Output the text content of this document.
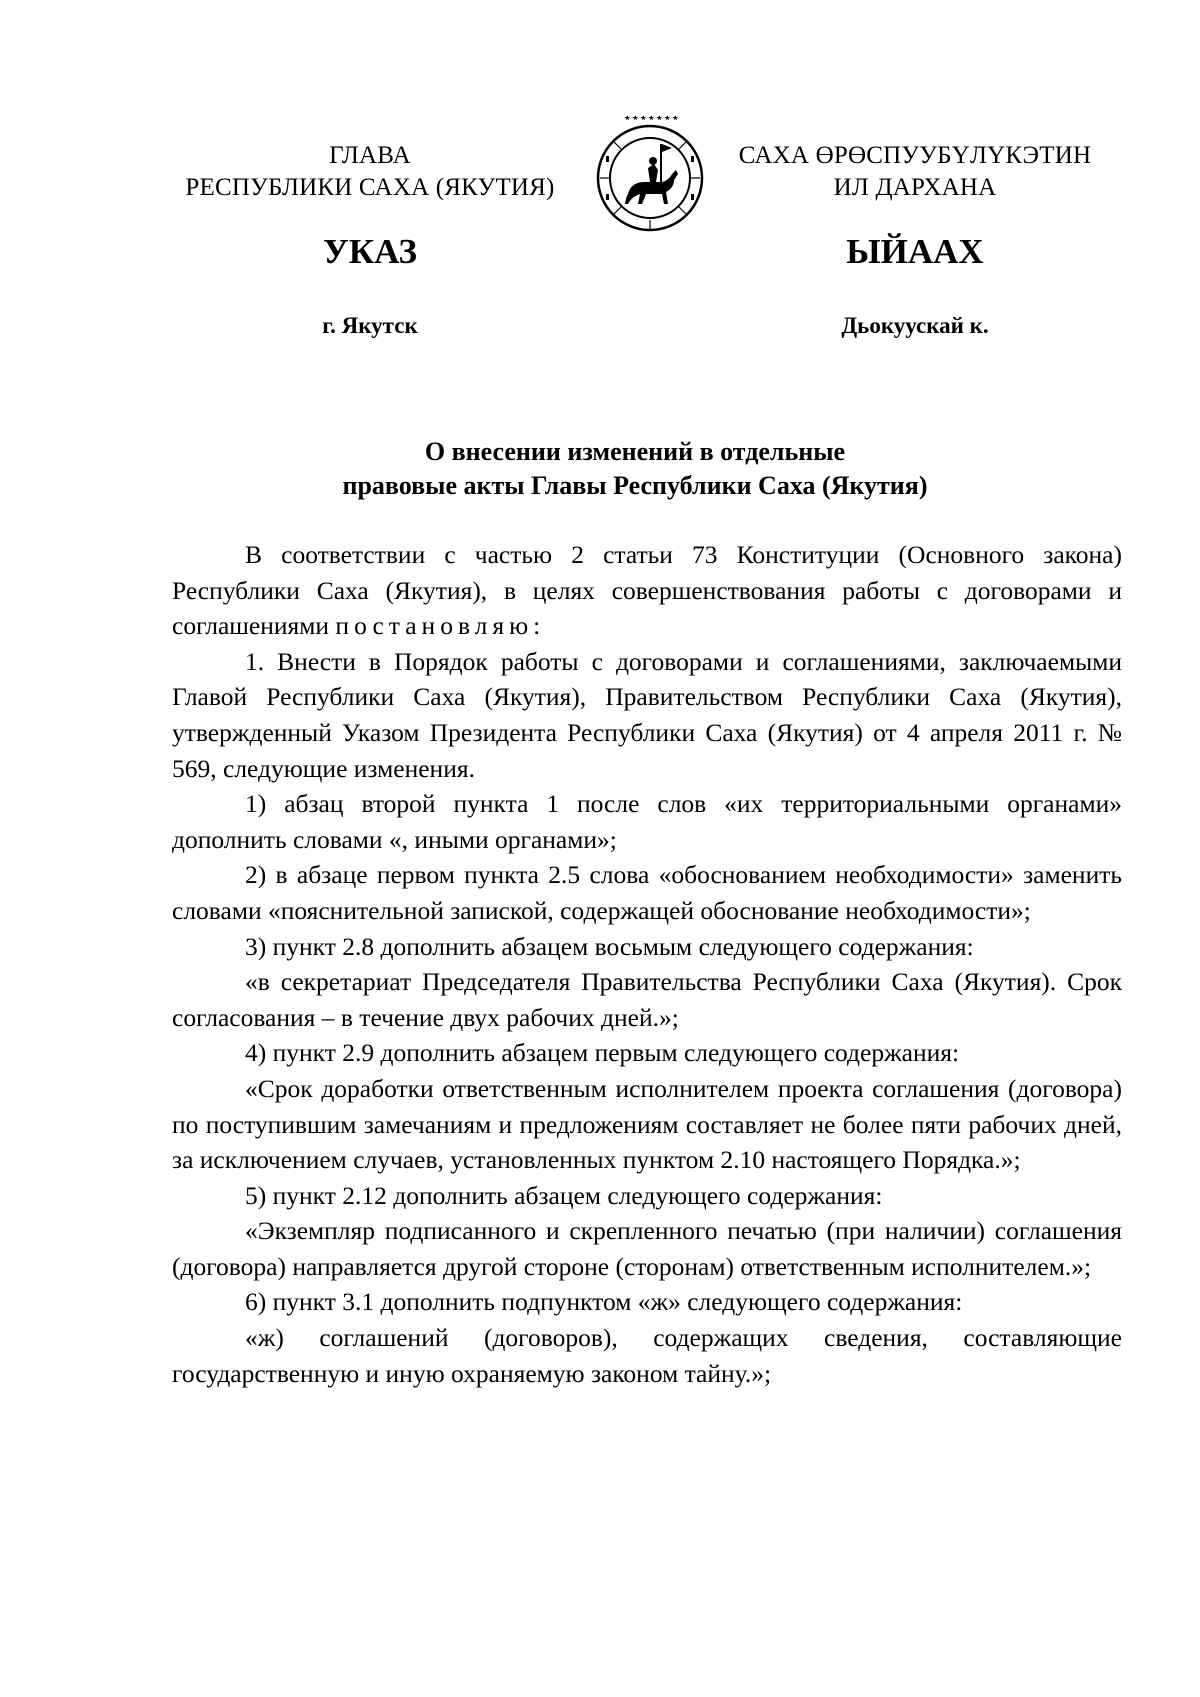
ГЛАВА
РЕСПУБЛИКИ САХА (ЯКУТИЯ)
САХА ӨРӨСПУУБҮЛҮКЭТИН
ИЛ ДАРХАНА
УКАЗ	ЫЙААХ
г. Якутск	Дьокуускай к.
О внесении изменений в отдельные
правовые акты Главы Республики Саха (Якутия)

В соответствии с частью 2 статьи 73 Конституции (Основного закона) Республики Саха (Якутия), в целях совершенствования работы с договорами и соглашениями постановляю:

1. Внести в Порядок работы с договорами и соглашениями, заключаемыми Главой Республики Саха (Якутия), Правительством Республики Саха (Якутия), утвержденный Указом Президента Республики Саха (Якутия) от 4 апреля 2011 г. № 569, следующие изменения.

1) абзац второй пункта 1 после слов «их территориальными органами» дополнить словами «, иными органами»;

2) в абзаце первом пункта 2.5 слова «обоснованием необходимости» заменить словами «пояснительной запиской, содержащей обоснование необходимости»;

3) пункт 2.8 дополнить абзацем восьмым следующего содержания:

«в секретариат Председателя Правительства Республики Саха (Якутия). Срок согласования – в течение двух рабочих дней.»;

4) пункт 2.9 дополнить абзацем первым следующего содержания:

«Срок доработки ответственным исполнителем проекта соглашения (договора) по поступившим замечаниям и предложениям составляет не более пяти рабочих дней, за исключением случаев, установленных пунктом 2.10 настоящего Порядка.»;

5) пункт 2.12 дополнить абзацем следующего содержания:

«Экземпляр подписанного и скрепленного печатью (при наличии) соглашения (договора) направляется другой стороне (сторонам) ответственным исполнителем.»;

6) пункт 3.1 дополнить подпунктом «ж» следующего содержания:

«ж) соглашений (договоров), содержащих сведения, составляющие государственную и иную охраняемую законом тайну.»;
